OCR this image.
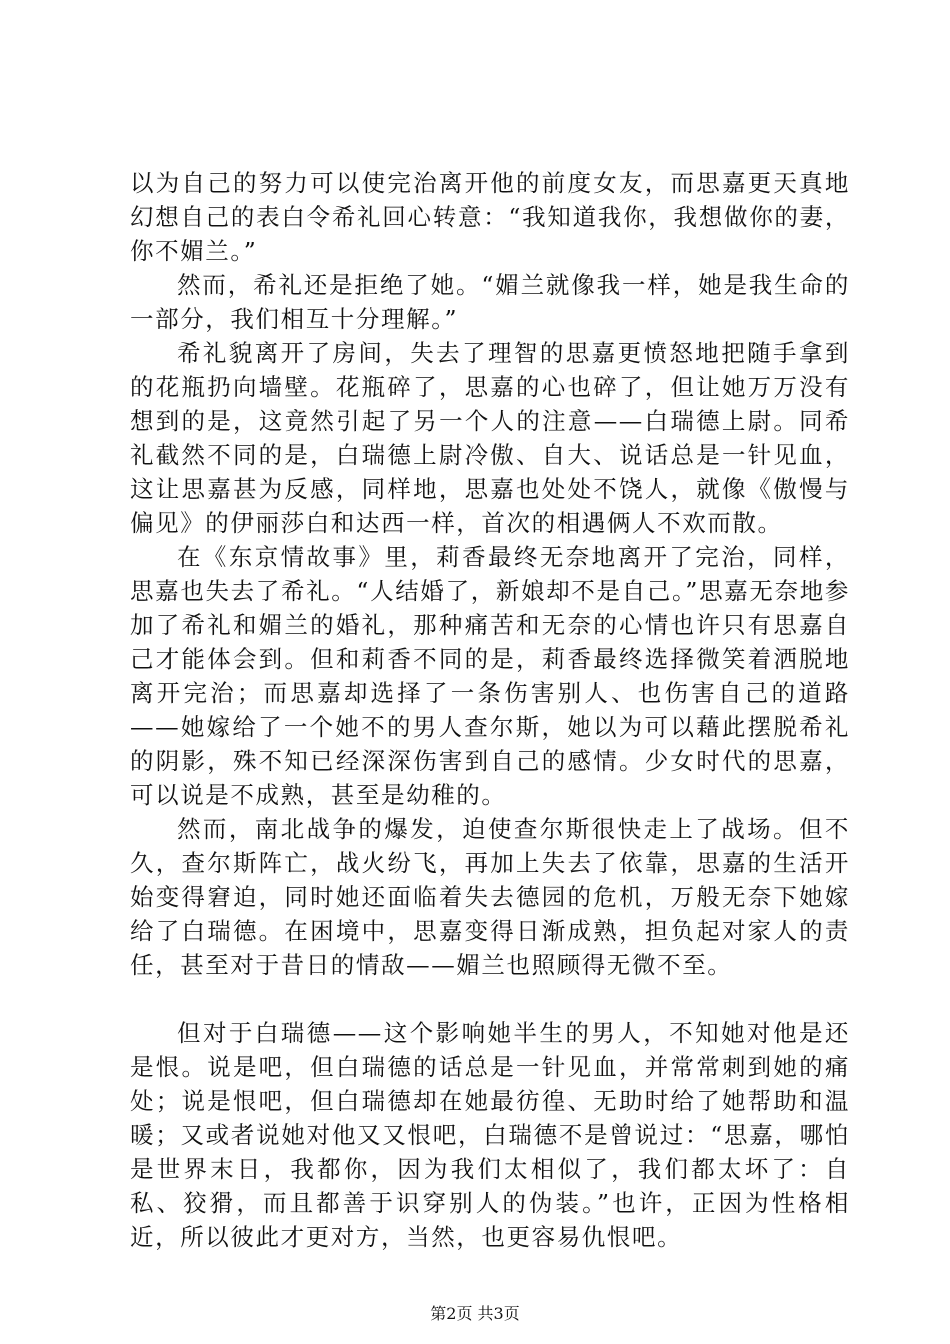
以为自己的努力可以使完治离开他的前度女友，而思嘉更天真地幻想自己的表白令希礼回心转意：“我知道我你，我想做你的妻，你不媚兰。”

然而，希礼还是拒绝了她。“媚兰就像我一样，她是我生命的一部分，我们相互十分理解。”

希礼貌离开了房间，失去了理智的思嘉更愤怒地把随手拿到的花瓶扔向墙壁。花瓶碎了，思嘉的心也碎了，但让她万万没有想到的是，这竟然引起了另一个人的注意——白瑞德上尉。同希礼截然不同的是，白瑞德上尉冷傲、自大、说话总是一针见血，这让思嘉甚为反感，同样地，思嘉也处处不饶人，就像《傲慢与偏见》的伊丽莎白和达西一样，首次的相遇俩人不欢而散。

在《东京情故事》里，莉香最终无奈地离开了完治，同样，思嘉也失去了希礼。“人结婚了，新娘却不是自己。”思嘉无奈地参加了希礼和媚兰的婚礼，那种痛苦和无奈的心情也许只有思嘉自己才能体会到。但和莉香不同的是，莉香最终选择微笑着洒脱地离开完治；而思嘉却选择了一条伤害别人、也伤害自己的道路——她嫁给了一个她不的男人查尔斯，她以为可以藉此摆脱希礼的阴影，殊不知已经深深伤害到自己的感情。少女时代的思嘉，可以说是不成熟，甚至是幼稚的。

然而，南北战争的爆发，迫使查尔斯很快走上了战场。但不久，查尔斯阵亡，战火纷飞，再加上失去了依靠，思嘉的生活开始变得窘迫，同时她还面临着失去德园的危机，万般无奈下她嫁给了白瑞德。在困境中，思嘉变得日渐成熟，担负起对家人的责任，甚至对于昔日的情敌——媚兰也照顾得无微不至。

但对于白瑞德——这个影响她半生的男人，不知她对他是还是恨。说是吧，但白瑞德的话总是一针见血，并常常刺到她的痛处；说是恨吧，但白瑞德却在她最彷徨、无助时给了她帮助和温暖；又或者说她对他又又恨吧，白瑞德不是曾说过：“思嘉，哪怕是世界末日，我都你，因为我们太相似了，我们都太坏了：自私、狡猾，而且都善于识穿别人的伪装。”也许，正因为性格相近，所以彼此才更对方，当然，也更容易仇恨吧。

第2页 共3页
